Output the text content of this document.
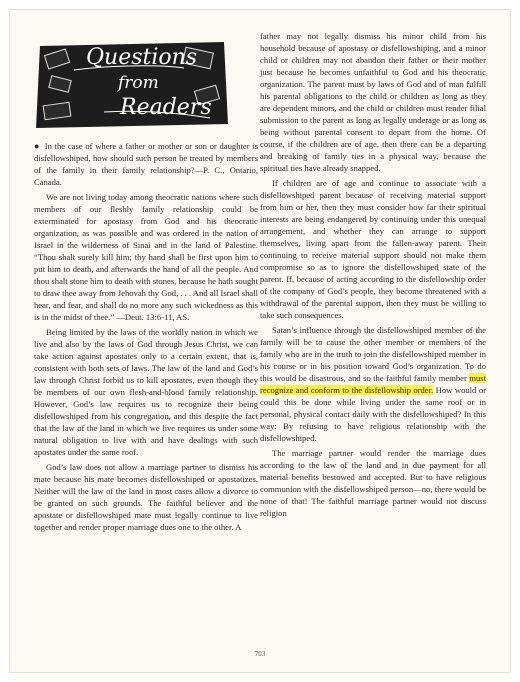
Questions
from
Readers

● In the case of where a father or mother or son or daughter is disfellowshiped, how should such person be treated by members of the family in their family relationship?—P. C., Ontario, Canada.

We are not living today among theocratic nations where such members of our fleshly family relationship could be exterminated for apostasy from God and his theocratic organization, as was possible and was ordered in the nation of Israel in the wilderness of Sinai and in the land of Palestine. “Thou shalt surely kill him; thy hand shall be first upon him to put him to death, and afterwards the hand of all the people. And thou shalt stone him to death with stones, because he hath sought to draw thee away from Jehovah thy God, . . . And all Israel shall hear, and fear, and shall do no more any such wickedness as this is in the midst of thee.” —Deut. 13:6-11, AS.

Being limited by the laws of the worldly nation in which we live and also by the laws of God through Jesus Christ, we can take action against apostates only to a certain extent, that is, consistent with both sets of laws. The law of the land and God’s law through Christ forbid us to kill apostates, even though they be members of our own flesh-and-blood family relationship. However, God’s law requires us to recognize their being disfellowshiped from his congregation, and this despite the fact that the law of the land in which we live requires us under some natural obligation to live with and have dealings with such apostates under the same roof.

God’s law does not allow a marriage partner to dismiss his mate because his mate becomes disfellowshiped or apostatizes. Neither will the law of the land in most cases allow a divorce to be granted on such grounds. The faithful believer and the apostate or disfellowshiped mate must legally continue to live together and render proper marriage dues one to the other. A

father may not legally dismiss his minor child from his household because of apostasy or disfellowshiping, and a minor child or children may not abandon their father or their mother just because he becomes unfaithful to God and his theocratic organization. The parent must by laws of God and of man fulfill his parental obligations to the child or children as long as they are dependent minors, and the child or children must render filial submission to the parent as long as legally underage or as long as being without parental consent to depart from the home. Of course, if the children are of age, then there can be a departing and breaking of family ties in a physical way, because the spiritual ties have already snapped.

If children are of age and continue to associate with a disfellowshiped parent because of receiving material support from him or her, then they must consider how far their spiritual interests are being endangered by continuing under this unequal arrangement, and whether they can arrange to support themselves, living apart from the fallen-away parent. Their continuing to receive material support should not make them compromise so as to ignore the disfellowshiped state of the parent. If, because of acting according to the disfellowship order of the company of God’s people, they become threatened with a withdrawal of the parental support, then they must be willing to take such consequences.

Satan’s influence through the disfellowshiped member of the family will be to cause the other member or members of the family who are in the truth to join the disfellowshiped member in his course or in his position toward God’s organization. To do this would be disastrous, and so the faithful family member must recognize and conform to the disfellowship order. How would or could this be done while living under the same roof or in personal, physical contact daily with the disfellowshiped? In this way: By refusing to have religious relationship with the disfellowshiped.

The marriage partner would render the marriage dues according to the law of the land and in due payment for all material benefits bestowed and accepted. But to have religious communion with the disfellowshiped person—no, there would be none of that! The faithful marriage partner would not discuss religion

703
